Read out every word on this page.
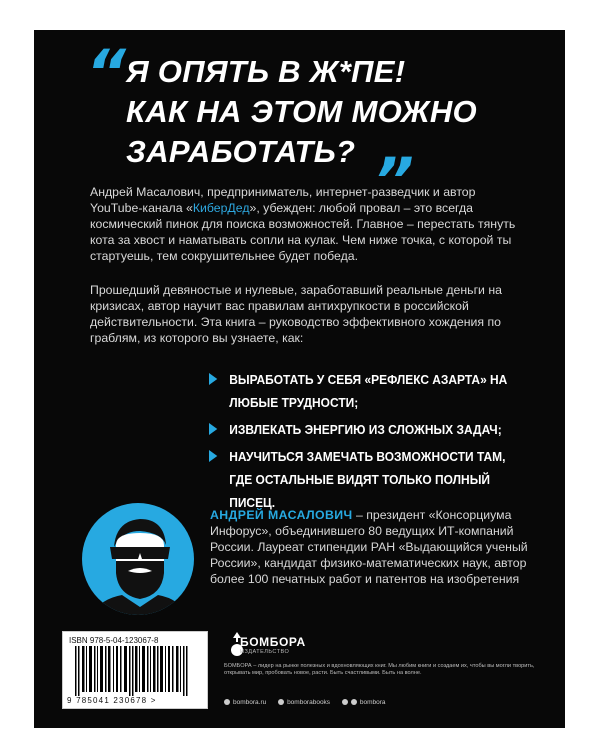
“ Я ОПЯТЬ В Ж*ПЕ!
КАК НА ЭТОМ МОЖНО
ЗАРАБОТАТЬ? ”
Андрей Масалович, предприниматель, интернет-разведчик и автор YouTube-канала «КиберДед», убежден: любой провал – это всегда космический пинок для поиска возможностей. Главное – перестать тянуть кота за хвост и наматывать сопли на кулак. Чем ниже точка, с которой ты стартуешь, тем сокрушительнее будет победа.
Прошедший девяностые и нулевые, заработавший реальные деньги на кризисах, автор научит вас правилам антихрупкости в российской действительности. Эта книга – руководство эффективного хождения по граблям, из которого вы узнаете, как:
ВЫРАБОТАТЬ У СЕБЯ «РЕФЛЕКС АЗАРТА» НА ЛЮБЫЕ ТРУДНОСТИ;
ИЗВЛЕКАТЬ ЭНЕРГИЮ ИЗ СЛОЖНЫХ ЗАДАЧ;
НАУЧИТЬСЯ ЗАМЕЧАТЬ ВОЗМОЖНОСТИ ТАМ, ГДЕ ОСТАЛЬНЫЕ ВИДЯТ ТОЛЬКО ПОЛНЫЙ ПИСЕЦ.
АНДРЕЙ МАСАЛОВИЧ – президент «Консорциума Инфорус», объединившего 80 ведущих ИТ-компаний России. Лауреат стипендии РАН «Выдающийся ученый России», кандидат физико-математических наук, автор более 100 печатных работ и патентов на изобретения
ISBN 978-5-04-123067-8
9 785041 230678 >
БОМБОРА
ИЗДАТЕЛЬСТВО
БОМБОРА – лидер на рынке полезных и вдохновляющих книг. Мы любим книги и создаем их, чтобы вы могли творить, открывать мир, пробовать новое, расти. Быть счастливыми. Быть на волне.
bombora.ru	bomborabooks	bombora
